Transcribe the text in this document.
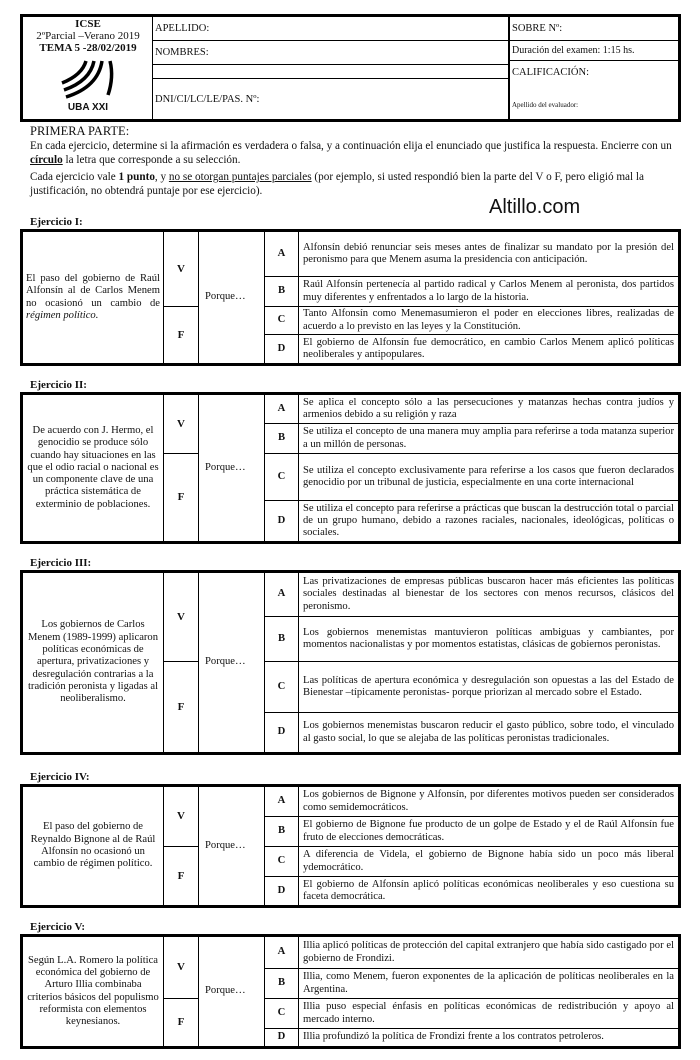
ICSE
2ºParcial –Verano 2019
TEMA 5 -28/02/2019
UBA XXI
APELLIDO:
NOMBRES:
DNI/CI/LC/LE/PAS. Nº:
SOBRE Nº:
Duración del examen: 1:15 hs.
CALIFICACIÓN:
Apellido del evaluador:
PRIMERA PARTE:
En cada ejercicio, determine si la afirmación es verdadera o falsa, y a continuación elija el enunciado que justifica la respuesta. Encierre con un círculo la letra que corresponde a su selección.
Cada ejercicio vale 1 punto, y no se otorgan puntajes parciales (por ejemplo, si usted respondió bien la parte del V o F, pero eligió mal la justificación, no obtendrá puntaje por ese ejercicio).
Altillo.com
Ejercicio I:
El paso del gobierno de Raúl Alfonsín al de Carlos Menem no ocasionó un cambio de régimen político.	V	Porque…	A	Alfonsín debió renunciar seis meses antes de finalizar su mandato por la presión del peronismo para que Menem asuma la presidencia con anticipación.
			B	Raúl Alfonsín pertenecía al partido radical y Carlos Menem al peronista, dos partidos muy diferentes y enfrentados a lo largo de la historia.
	F		C	Tanto Alfonsín como Menemasumieron el poder en elecciones libres, realizadas de acuerdo a lo previsto en las leyes y la Constitución.
			D	El gobierno de Alfonsín fue democrático, en cambio Carlos Menem aplicó políticas neoliberales y antipopulares.
Ejercicio II:
De acuerdo con J. Hermo, el genocidio se produce sólo cuando hay situaciones en las que el odio racial o nacional es un componente clave de una práctica sistemática de exterminio de poblaciones.	V	Porque…	A	Se aplica el concepto sólo a las persecuciones y matanzas hechas contra judíos y armenios debido a su religión y raza
			B	Se utiliza el concepto de una manera muy amplia para referirse a toda matanza superior a un millón de personas.
	F		C	Se utiliza el concepto exclusivamente para referirse a los casos que fueron declarados genocidio por un tribunal de justicia, especialmente en una corte internacional
			D	Se utiliza el concepto para referirse a prácticas que buscan la destrucción total o parcial de un grupo humano, debido a razones raciales, nacionales, ideológicas, políticas o sociales.
Ejercicio III:
Los gobiernos de Carlos Menem (1989-1999) aplicaron políticas económicas de apertura, privatizaciones y desregulación contrarias a la tradición peronista y ligadas al neoliberalismo.	V	Porque…	A	Las privatizaciones de empresas públicas buscaron hacer más eficientes las políticas sociales destinadas al bienestar de los sectores con menos recursos, clásicos del peronismo.
			B	Los gobiernos menemistas mantuvieron políticas ambiguas y cambiantes, por momentos nacionalistas y por momentos estatistas, clásicas de gobiernos peronistas.
	F		C	Las políticas de apertura económica y desregulación son opuestas a las del Estado de Bienestar –típicamente peronistas- porque priorizan al mercado sobre el Estado.
			D	Los gobiernos menemistas buscaron reducir el gasto público, sobre todo, el vinculado al gasto social, lo que se alejaba de las políticas peronistas tradicionales.
Ejercicio IV:
El paso del gobierno de Reynaldo Bignone al de Raúl Alfonsín no ocasionó un cambio de régimen político.	V	Porque…	A	Los gobiernos de Bignone y Alfonsín, por diferentes motivos pueden ser considerados como semidemocráticos.
			B	El gobierno de Bignone fue producto de un golpe de Estado y el de Raúl Alfonsín fue fruto de elecciones democráticas.
	F		C	A diferencia de Videla, el gobierno de Bignone había sido un poco más liberal ydemocrático.
			D	El gobierno de Alfonsín aplicó políticas económicas neoliberales y eso cuestiona su faceta democrática.
Ejercicio V:
Según L.A. Romero la política económica del gobierno de Arturo Illia combinaba criterios básicos del populismo reformista con elementos keynesianos.	V	Porque…	A	Illia aplicó políticas de protección del capital extranjero que había sido castigado por el gobierno de Frondizi.
			B	Illia, como Menem, fueron exponentes de la aplicación de políticas neoliberales en la Argentina.
	F		C	Illia puso especial énfasis en políticas económicas de redistribución y apoyo al mercado interno.
			D	Illia profundizó la política de Frondizi frente a los contratos petroleros.
